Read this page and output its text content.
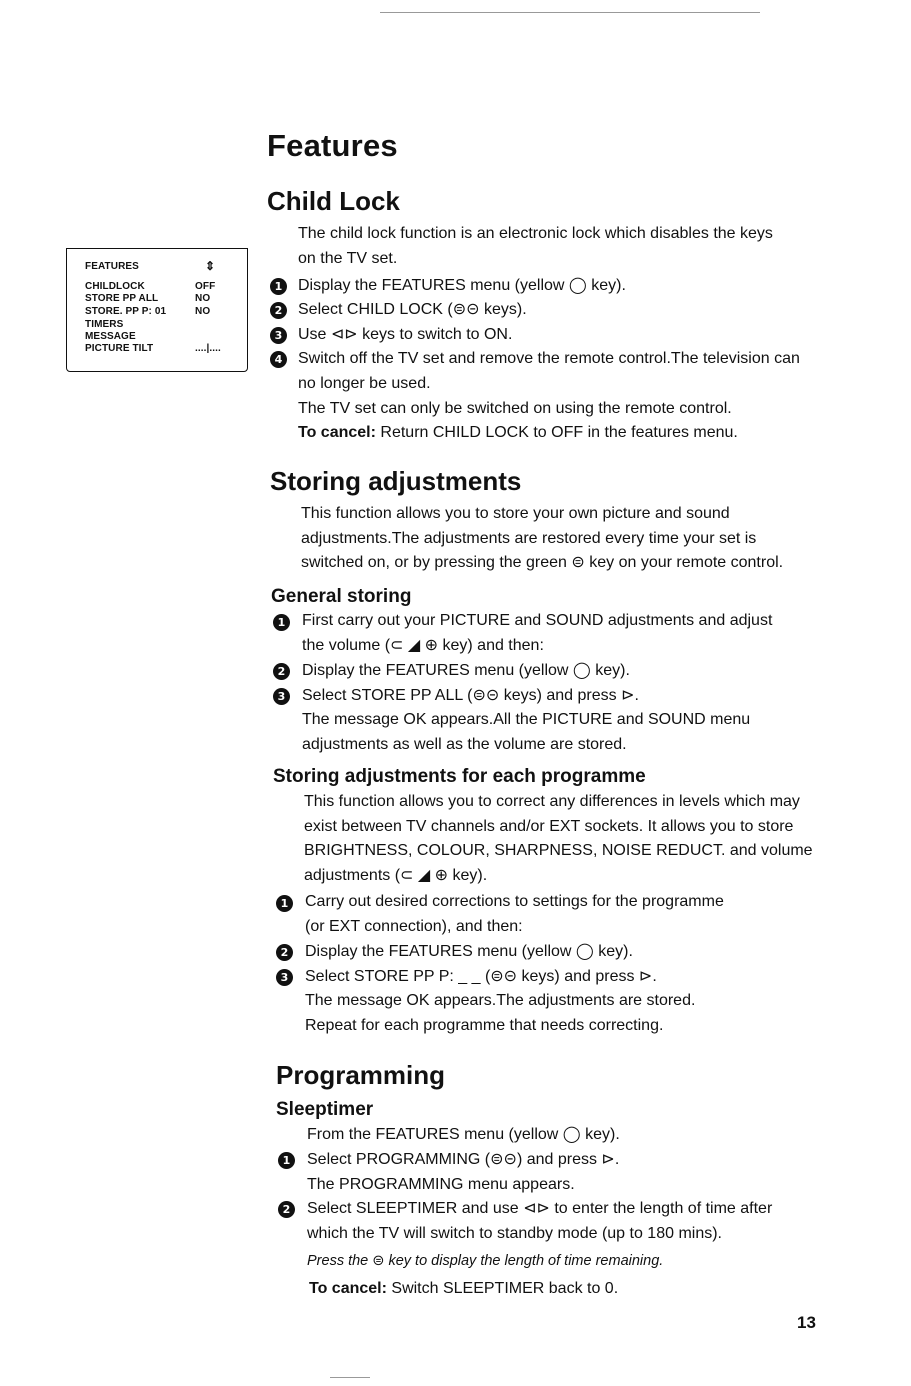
Features
FEATURES	⇕
CHILDLOCK	OFF
STORE PP ALL	NO
STORE. PP P: 01	NO
TIMERS
MESSAGE
PICTURE TILT	....|....
Child Lock

The child lock function is an electronic lock which disables the keys
on the TV set.

1 Display the FEATURES menu (yellow ◯ key).
2 Select CHILD LOCK (⊜⊝ keys).
3 Use ⊲⊳ keys to switch to ON.
4 Switch off the TV set and remove the remote control.The television can
no longer be used.

The TV set can only be switched on using the remote control.
To cancel: Return CHILD LOCK to OFF in the features menu.
Storing adjustments

This function allows you to store your own picture and sound
adjustments.The adjustments are restored every time your set is
switched on, or by pressing the green ⊜ key on your remote control.

General storing
1 First carry out your PICTURE and SOUND adjustments and adjust
the volume (⊂ ◢ ⊕ key) and then:

2 Display the FEATURES menu (yellow ◯ key).
3 Select STORE PP ALL (⊜⊝ keys) and press ⊳.

The message OK appears.All the PICTURE and SOUND menu
adjustments as well as the volume are stored.

Storing adjustments for each programme

This function allows you to correct any differences in levels which may
exist between TV channels and/or EXT sockets. It allows you to store
BRIGHTNESS, COLOUR, SHARPNESS, NOISE REDUCT. and volume
adjustments (⊂ ◢ ⊕ key).

1 Carry out desired corrections to settings for the programme
(or EXT connection), and then:

2 Display the FEATURES menu (yellow ◯ key).
3 Select STORE PP P: _ _ (⊜⊝ keys) and press ⊳.

The message OK appears.The adjustments are stored.
Repeat for each programme that needs correcting.

Programming
Sleeptimer
From the FEATURES menu (yellow ◯ key).
1 Select PROGRAMMING (⊜⊝) and press ⊳.
The PROGRAMMING menu appears.
2 Select SLEEPTIMER and use ⊲⊳ to enter the length of time after
which the TV will switch to standby mode (up to 180 mins).

Press the ⊜ key to display the length of time remaining.
To cancel: Switch SLEEPTIMER back to 0.
13
